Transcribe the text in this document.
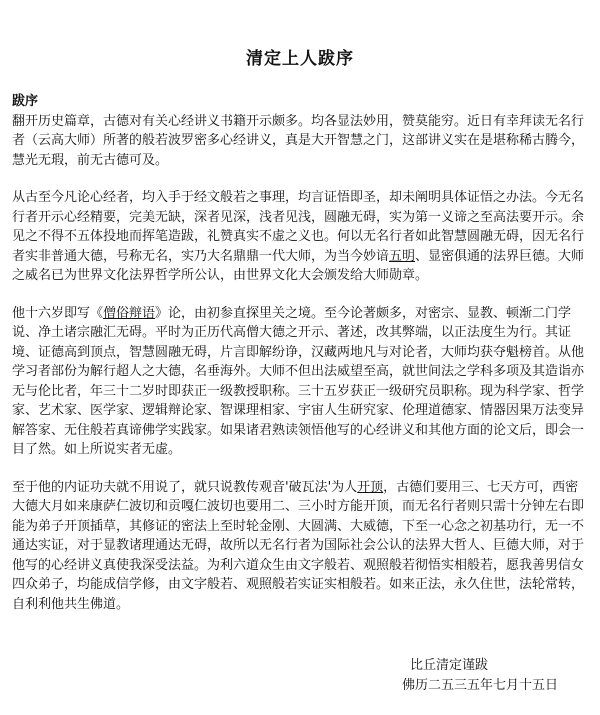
清定上人跋序
跋序

翻开历史篇章，古德对有关心经讲义书籍开示颇多。均各显法妙用，赞莫能穷。近日有幸拜读无名行者（云高大师）所著的般若波罗密多心经讲义，真是大开智慧之门，这部讲义实在是堪称稀古腾今，慧光无瑕，前无古德可及。

从古至今凡论心经者，均入手于经文般若之事理，均言证悟即圣，却未阐明具体证悟之办法。今无名行者开示心经精要，完美无缺，深者见深，浅者见浅，圆融无碍，实为第一义谛之至高法要开示。余见之不得不五体投地而挥笔造跋，礼赞真实不虚之义也。何以无名行者如此智慧圆融无碍，因无名行者实非普通大德，号称无名，实乃大名鼎鼎一代大师，为当今妙谙五明、显密俱通的法界巨德。大师之威名已为世界文化法界哲学所公认，由世界文化大会颁发给大师勋章。

他十六岁即写《僧俗辩语》论，由初参直探里关之境。至今论著颇多，对密宗、显教、顿渐二门学说、净土诸宗融汇无碍。平时为正历代高僧大德之开示、著述，改其弊端，以正法度生为行。其证境、证德高到顶点，智慧圆融无碍，片言即解纷诤，汉藏两地凡与对论者，大师均获夺魁榜首。从他学习者部份为解行超人之大德，名垂海外。大师不但出法威望至高，就世间法之学科多项及其造诣亦无与伦比者，年三十二岁时即获正一级教授职称。三十五岁获正一级研究员职称。现为科学家、哲学家、艺术家、医学家、逻辑辩论家、智课理相家、宇宙人生研究家、伦理道德家、情器因果万法变异解答家、无住般若真谛佛学实践家。如果诸君熟读领悟他写的心经讲义和其他方面的论文后，即会一目了然。如上所说实者无虚。

至于他的内证功夫就不用说了，就只说教传观音'破瓦法'为人开顶，古德们要用三、七天方可，西密大德大月如来康萨仁波切和贡嘎仁波切也要用二、三小时方能开顶，而无名行者则只需十分钟左右即能为弟子开顶插草，其修证的密法上至时轮金刚、大圆满、大威德，下至一心念之初基功行，无一不通达实证，对于显教诸理通达无碍，故所以无名行者为国际社会公认的法界大哲人、巨德大师，对于他写的心经讲义真使我深受法益。为利六道众生由文字般若、观照般若彻悟实相般若，愿我善男信女四众弟子，均能成信学修，由文字般若、观照般若实证实相般若。如来正法，永久住世，法轮常转，自利利他共生佛道。

比丘清定谨跋
佛历二五三五年七月十五日
